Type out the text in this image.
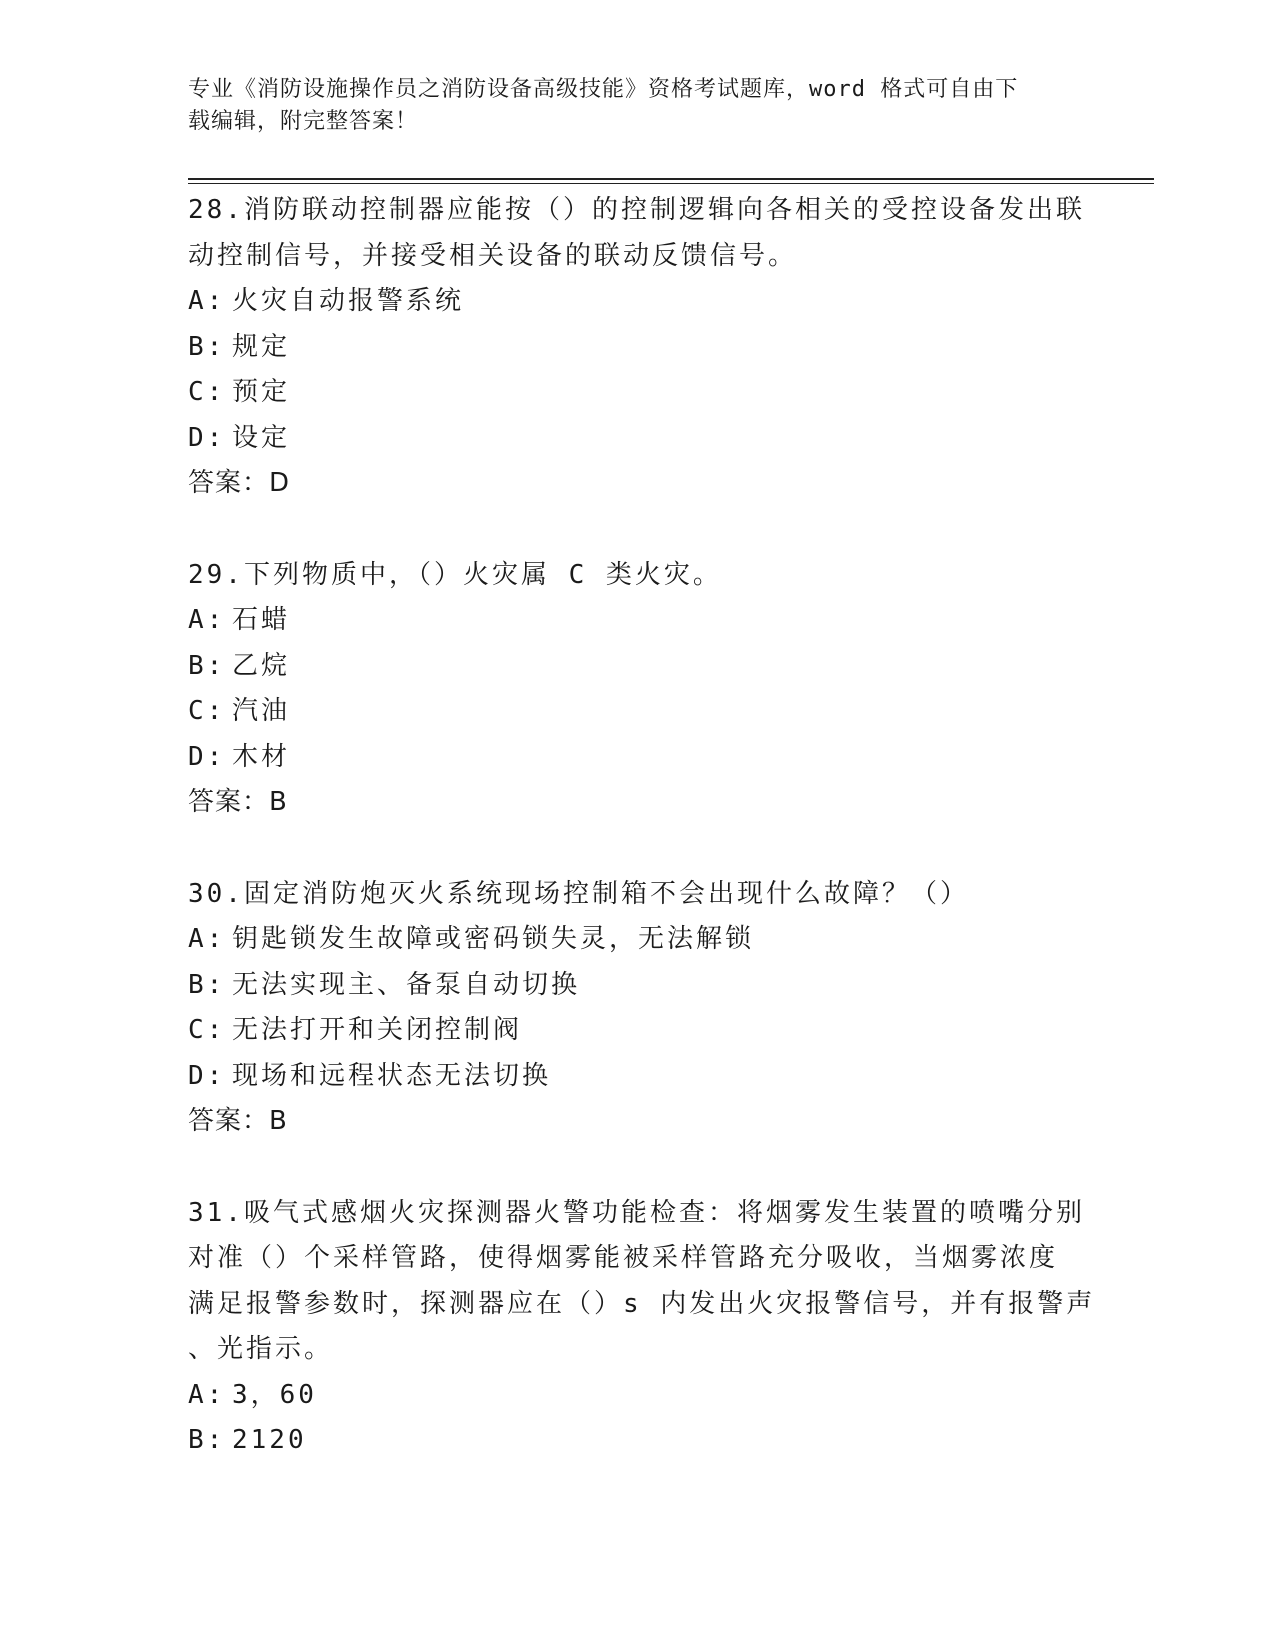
专业《消防设施操作员之消防设备高级技能》资格考试题库，word 格式可自由下
载编辑，附完整答案！

28.消防联动控制器应能按（）的控制逻辑向各相关的受控设备发出联

动控制信号，并接受相关设备的联动反馈信号。

A: 火灾自动报警系统
B: 规定
C: 预定
D: 设定

答案：D

29.下列物质中，（）火灾属 C 类火灾。

A: 石蜡
B: 乙烷
C: 汽油
D: 木材

答案：B

30.固定消防炮灭火系统现场控制箱不会出现什么故障？（）

A: 钥匙锁发生故障或密码锁失灵，无法解锁
B: 无法实现主、备泵自动切换
C: 无法打开和关闭控制阀
D: 现场和远程状态无法切换

答案：B

31.吸气式感烟火灾探测器火警功能检查：将烟雾发生装置的喷嘴分别

对准（）个采样管路，使得烟雾能被采样管路充分吸收，当烟雾浓度

满足报警参数时，探测器应在（）s 内发出火灾报警信号，并有报警声

、光指示。

A: 3，60
B: 2120
